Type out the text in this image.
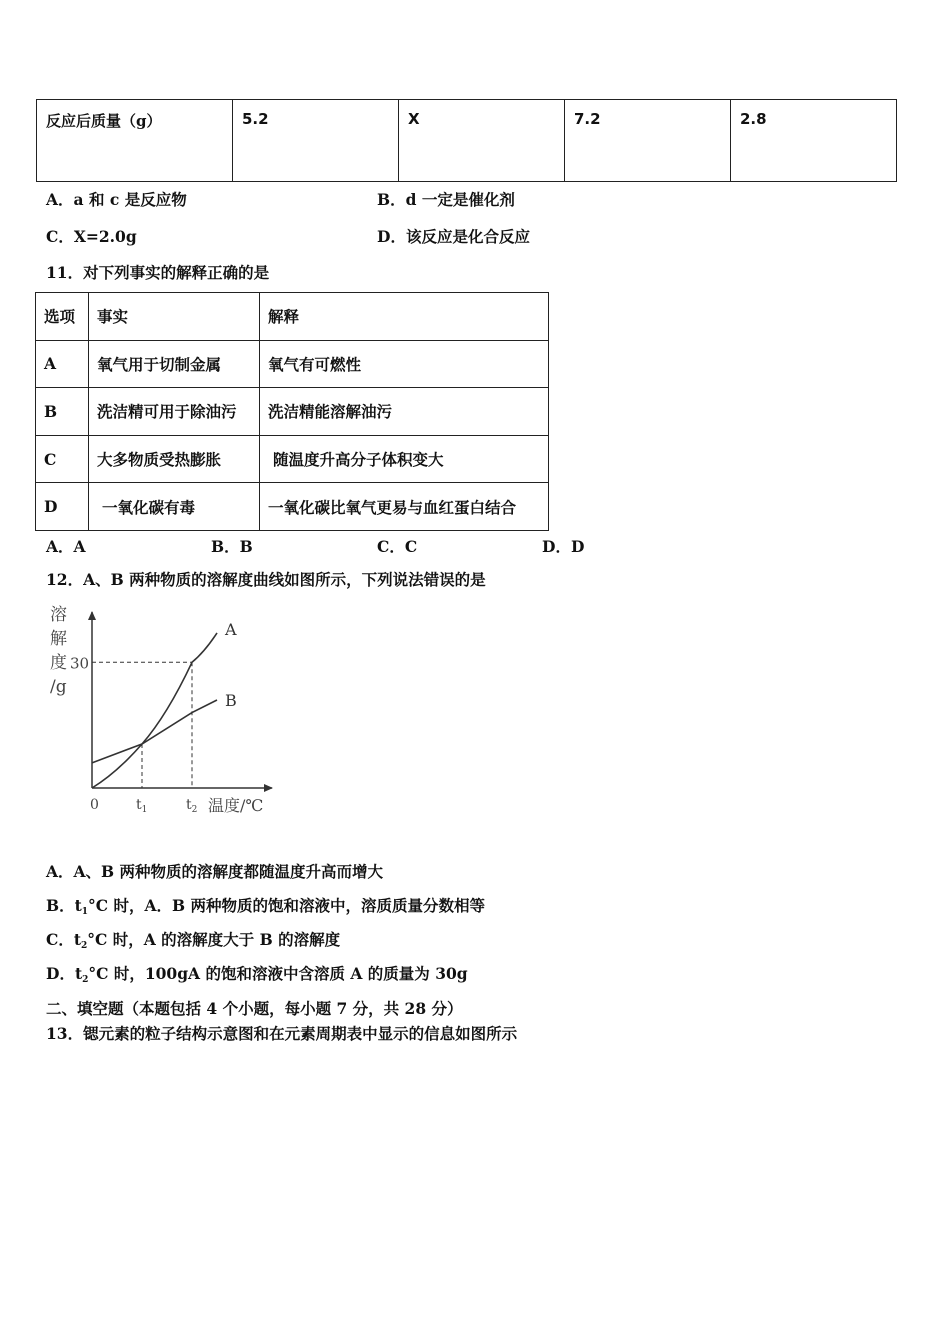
反应后质量（g）	5.2	X	7.2	2.8
A．a 和 c 是反应物	B．d 一定是催化剂
C．X=2.0g	D．该反应是化合反应
11．对下列事实的解释正确的是
选项	事实	解释
A	氧气用于切制金属	氧气有可燃性
B	洗洁精可用于除油污	洗洁精能溶解油污
C	大多物质受热膨胀	随温度升高分子体积变大
D	一氧化碳有毒	一氧化碳比氧气更易与血红蛋白结合
A．A	B．B	C．C	D．D
12．A、B 两种物质的溶解度曲线如图所示，下列说法错误的是
溶
解
度
/g
A
B
30
0	$t_1$	$t_2$ 温度/℃
A．A、B 两种物质的溶解度都随温度升高而增大
B．$t_1^\circ C$ 时，A．B 两种物质的饱和溶液中，溶质质量分数相等
C．$t_2^\circ C$ 时，A 的溶解度大于 B 的溶解度
D．$t_2^\circ C$ 时，100gA 的饱和溶液中含溶质 A 的质量为 30g
二、填空题（本题包括 4 个小题，每小题 7 分，共 28 分）
13．锶元素的粒子结构示意图和在元素周期表中显示的信息如图所示
